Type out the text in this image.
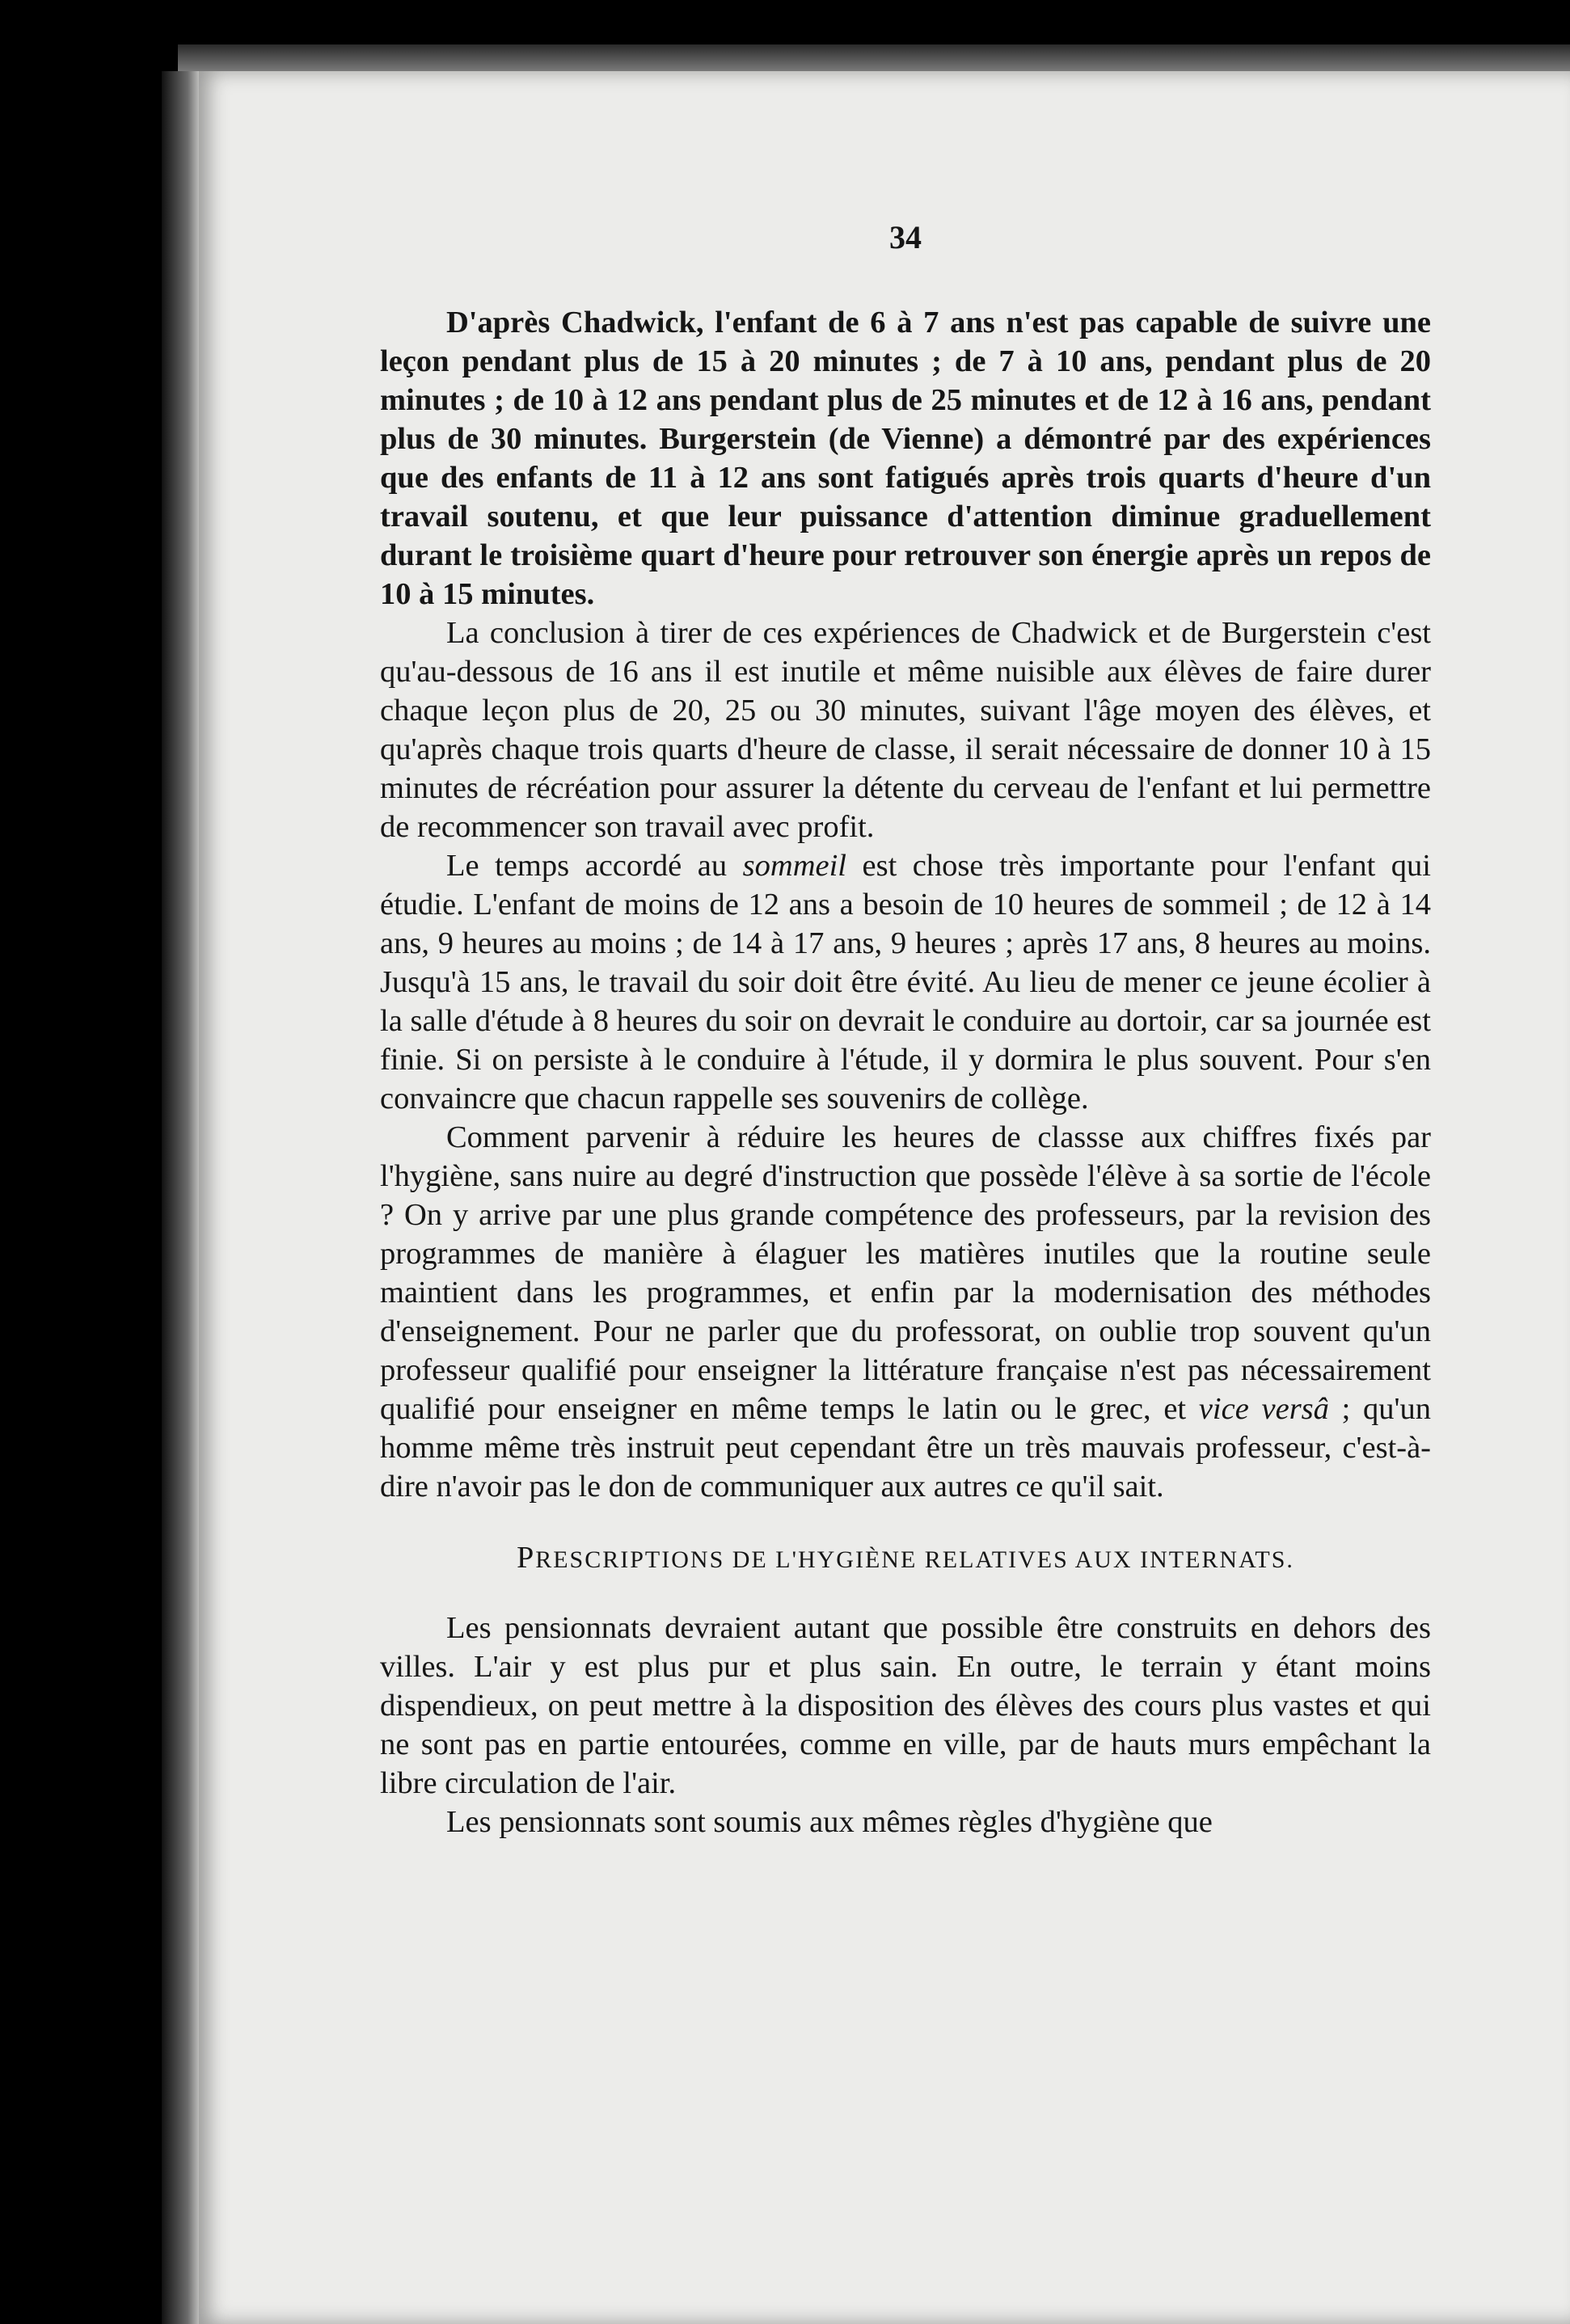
34

D'après Chadwick, l'enfant de 6 à 7 ans n'est pas capable de suivre une leçon pendant plus de 15 à 20 minutes ; de 7 à 10 ans, pendant plus de 20 minutes ; de 10 à 12 ans pendant plus de 25 minutes et de 12 à 16 ans, pendant plus de 30 minutes. Burgerstein (de Vienne) a démontré par des expériences que des enfants de 11 à 12 ans sont fatigués après trois quarts d'heure d'un travail soutenu, et que leur puissance d'attention diminue graduellement durant le troisième quart d'heure pour retrouver son énergie après un repos de 10 à 15 minutes.

La conclusion à tirer de ces expériences de Chadwick et de Burgerstein c'est qu'au-dessous de 16 ans il est inutile et même nuisible aux élèves de faire durer chaque leçon plus de 20, 25 ou 30 minutes, suivant l'âge moyen des élèves, et qu'après chaque trois quarts d'heure de classe, il serait nécessaire de donner 10 à 15 minutes de récréation pour assurer la détente du cerveau de l'enfant et lui permettre de recommencer son travail avec profit.

Le temps accordé au sommeil est chose très importante pour l'enfant qui étudie. L'enfant de moins de 12 ans a besoin de 10 heures de sommeil ; de 12 à 14 ans, 9 heures au moins ; de 14 à 17 ans, 9 heures ; après 17 ans, 8 heures au moins. Jusqu'à 15 ans, le travail du soir doit être évité. Au lieu de mener ce jeune écolier à la salle d'étude à 8 heures du soir on devrait le conduire au dortoir, car sa journée est finie. Si on persiste à le conduire à l'étude, il y dormira le plus souvent. Pour s'en convaincre que chacun rappelle ses souvenirs de collège.

Comment parvenir à réduire les heures de classse aux chiffres fixés par l'hygiène, sans nuire au degré d'instruction que possède l'élève à sa sortie de l'école ? On y arrive par une plus grande compétence des professeurs, par la revision des programmes de manière à élaguer les matières inutiles que la routine seule maintient dans les programmes, et enfin par la modernisation des méthodes d'enseignement. Pour ne parler que du professorat, on oublie trop souvent qu'un professeur qualifié pour enseigner la littérature française n'est pas nécessairement qualifié pour enseigner en même temps le latin ou le grec, et vice versâ ; qu'un homme même très instruit peut cependant être un très mauvais professeur, c'est-à-dire n'avoir pas le don de communiquer aux autres ce qu'il sait.

PRESCRIPTIONS DE L'HYGIÈNE RELATIVES AUX INTERNATS.

Les pensionnats devraient autant que possible être construits en dehors des villes. L'air y est plus pur et plus sain. En outre, le terrain y étant moins dispendieux, on peut mettre à la disposition des élèves des cours plus vastes et qui ne sont pas en partie entourées, comme en ville, par de hauts murs empêchant la libre circulation de l'air.

Les pensionnats sont soumis aux mêmes règles d'hygiène que
